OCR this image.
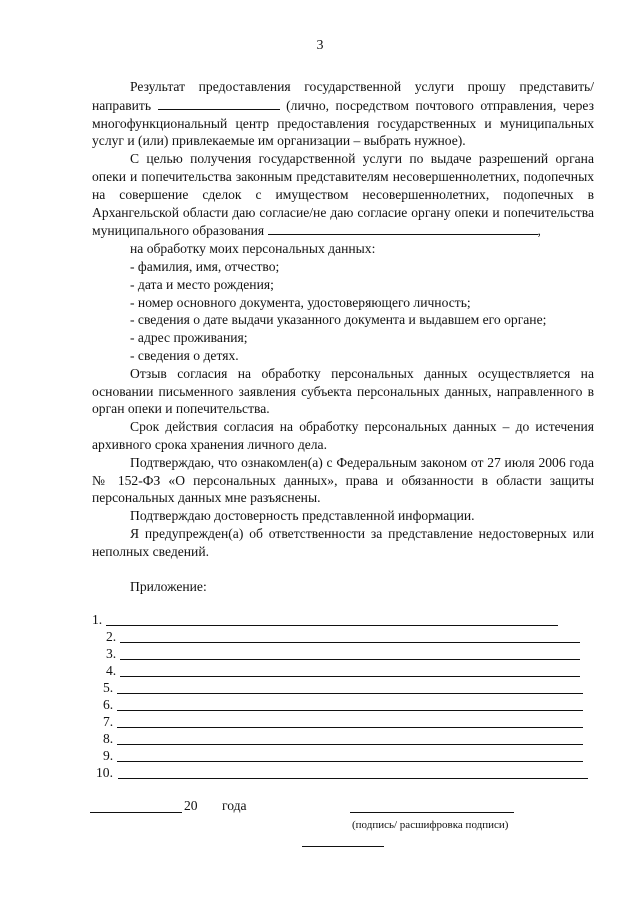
3

Результат предоставления государственной услуги прошу представить/направить	(лично, посредством почтового отправления, через многофункциональный центр предоставления государственных и муниципальных услуг и (или) привлекаемые им организации – выбрать нужное).

С целью получения государственной услуги по выдаче разрешений органа опеки и попечительства законным представителям несовершеннолетних, подопечных на совершение сделок с имуществом несовершеннолетних, подопечных в Архангельской области даю согласие/не даю согласие органу опеки и попечительства муниципального образования	,

на обработку моих персональных данных:
- фамилия, имя, отчество;
- дата и место рождения;
- номер основного документа, удостоверяющего личность;
- сведения о дате выдачи указанного документа и выдавшем его органе;
- адрес проживания;
- сведения о детях.

Отзыв согласия на обработку персональных данных осуществляется на основании письменного заявления субъекта персональных данных, направленного в орган опеки и попечительства.

Срок действия согласия на обработку персональных данных – до истечения архивного срока хранения личного дела.

Подтверждаю, что ознакомлен(а) с Федеральным законом от 27 июля 2006 года № 152-ФЗ «О персональных данных», права и обязанности в области защиты персональных данных мне разъяснены.

Подтверждаю достоверность представленной информации.

Я предупрежден(а) об ответственности за представление недостоверных или неполных сведений.

Приложение:
1.
2.
3.
4.
5.
6.
7.
8.
9.
10.
20 года
(подпись/ расшифровка подписи)
